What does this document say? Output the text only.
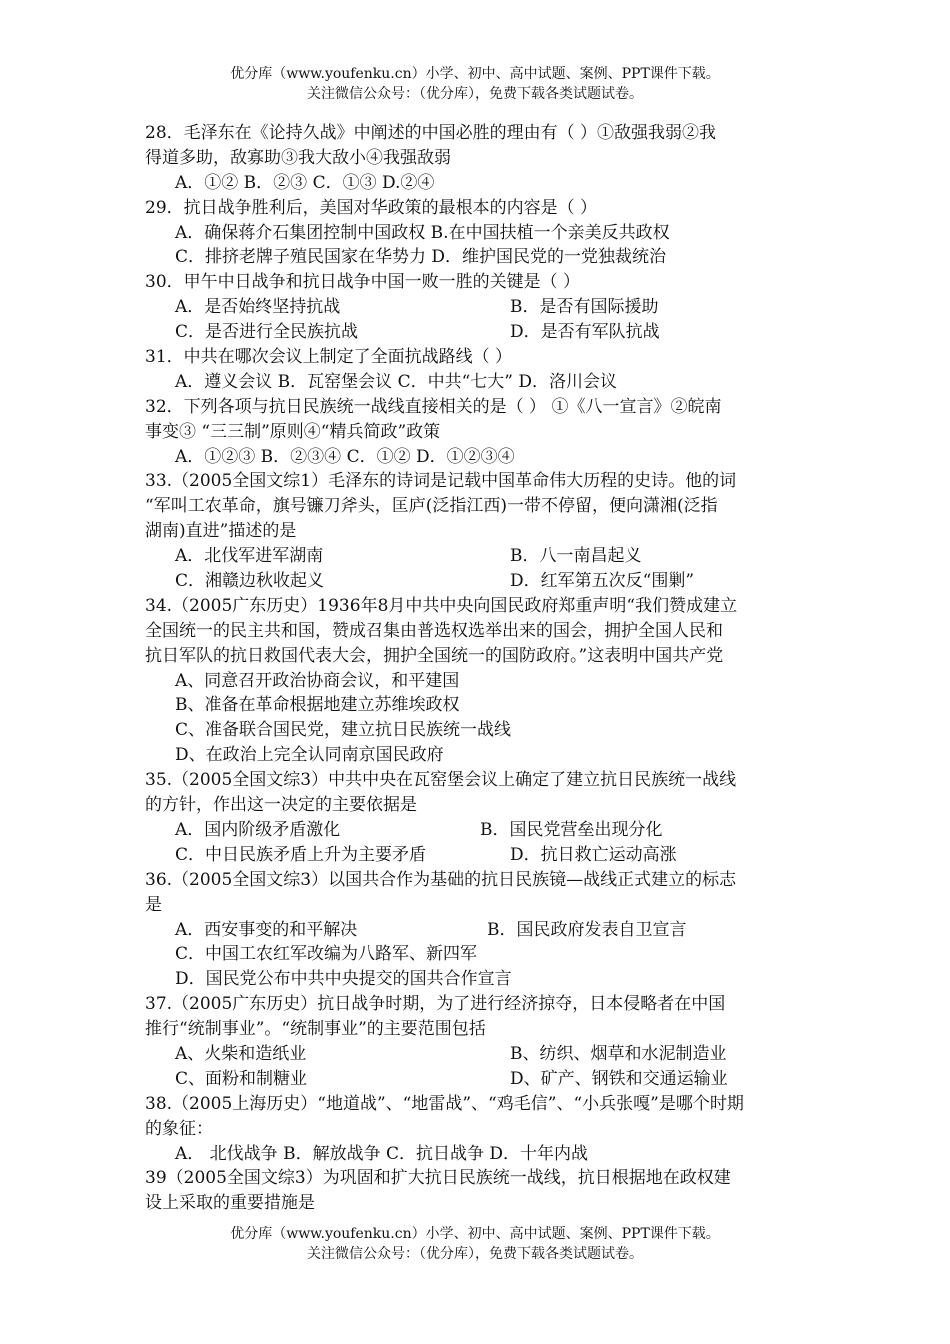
优分库（www.youfenku.cn）小学、初中、高中试题、案例、PPT课件下载。
关注微信公众号：（优分库），免费下载各类试题试卷。
28．毛泽东在《论持久战》中阐述的中国必胜的理由有（ ）①敌强我弱②我
得道多助，敌寡助③我大敌小④我强敌弱
A．①② B．②③ C．①③ D.②④
29．抗日战争胜利后，美国对华政策的最根本的内容是（ ）
A．确保蒋介石集团控制中国政权 B.在中国扶植一个亲美反共政权
C．排挤老牌子殖民国家在华势力 D．维护国民党的一党独裁统治
30．甲午中日战争和抗日战争中国一败一胜的关键是（ ）
A．是否始终坚持抗战	B．是否有国际援助
C．是否进行全民族抗战	D．是否有军队抗战
31．中共在哪次会议上制定了全面抗战路线（ ）
A．遵义会议 B．瓦窑堡会议 C．中共“七大” D．洛川会议
32．下列各项与抗日民族统一战线直接相关的是（ ） ①《八一宣言》②皖南
事变③ “三三制”原则④“精兵简政”政策
A．①②③ B．②③④ C．①② D．①②③④
33.（2005全国文综1）毛泽东的诗词是记载中国革命伟大历程的史诗。他的词
“军叫工农革命，旗号镰刀斧头，匡庐(泛指江西)一带不停留，便向潇湘(泛指
湖南)直进”描述的是
A．北伐军进军湖南	B．八一南昌起义
C．湘赣边秋收起义	D．红军第五次反“围剿”
34.（2005广东历史）1936年8月中共中央向国民政府郑重声明“我们赞成建立
全国统一的民主共和国，赞成召集由普选权选举出来的国会，拥护全国人民和
抗日军队的抗日救国代表大会，拥护全国统一的国防政府。”这表明中国共产党
A、同意召开政治协商会议，和平建国
B、准备在革命根据地建立苏维埃政权
C、准备联合国民党，建立抗日民族统一战线
D、在政治上完全认同南京国民政府
35.（2005全国文综3）中共中央在瓦窑堡会议上确定了建立抗日民族统一战线
的方针，作出这一决定的主要依据是
A．国内阶级矛盾激化	B．国民党营垒出现分化
C．中日民族矛盾上升为主要矛盾	D．抗日救亡运动高涨
36.（2005全国文综3）以国共合作为基础的抗日民族镜—战线正式建立的标志
是
A．西安事变的和平解决	B．国民政府发表自卫宣言
C．中国工农红军改编为八路军、新四军
D．国民党公布中共中央提交的国共合作宣言
37.（2005广东历史）抗日战争时期，为了进行经济掠夺，日本侵略者在中国
推行“统制事业”。“统制事业”的主要范围包括
A、火柴和造纸业	B、纺织、烟草和水泥制造业
C、面粉和制糖业	D、矿产、钢铁和交通运输业
38.（2005上海历史）“地道战”、“地雷战”、“鸡毛信”、“小兵张嘎”是哪个时期
的象征：
A． 北伐战争 B．解放战争 C．抗日战争 D．十年内战
39（2005全国文综3）为巩固和扩大抗日民族统一战线，抗日根据地在政权建
设上采取的重要措施是
优分库（www.youfenku.cn）小学、初中、高中试题、案例、PPT课件下载。
关注微信公众号：（优分库），免费下载各类试题试卷。
